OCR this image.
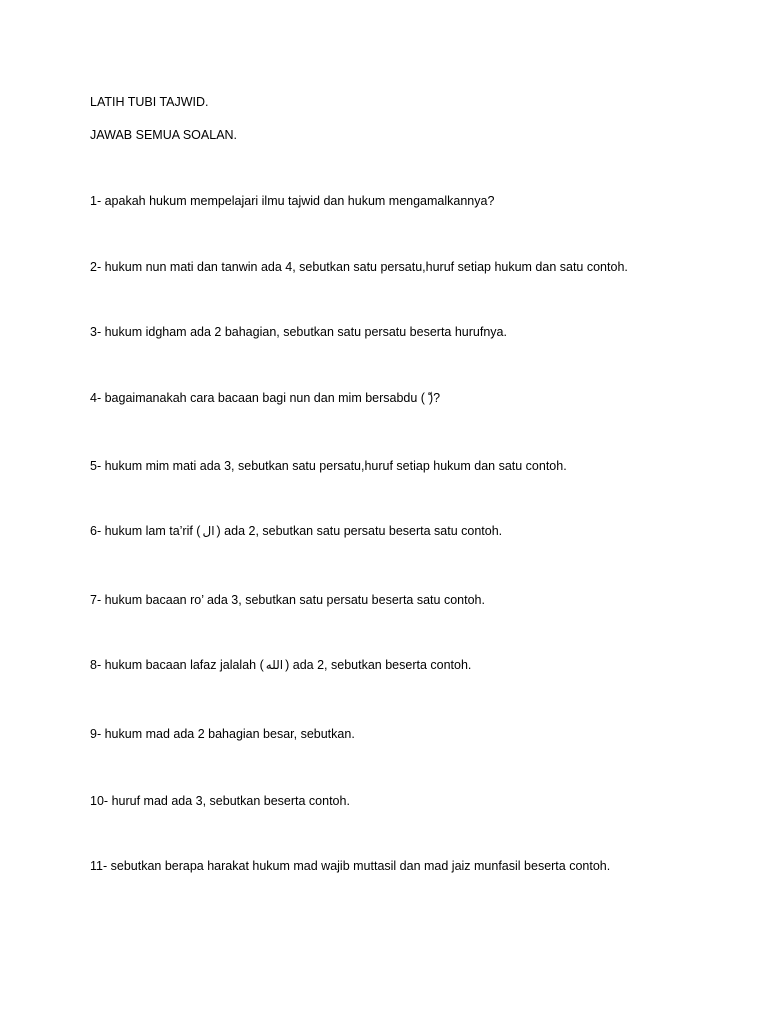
LATIH TUBI TAJWID.
JAWAB SEMUA SOALAN.
1- apakah hukum mempelajari ilmu tajwid dan hukum mengamalkannya?
2- hukum nun mati dan tanwin ada 4, sebutkan satu persatu,huruf setiap hukum dan satu contoh.
3- hukum idgham ada 2 bahagian, sebutkan satu persatu beserta hurufnya.
4- bagaimanakah cara bacaan bagi nun dan mim bersabdu ( )?
5- hukum mim mati ada 3, sebutkan satu persatu,huruf setiap hukum dan satu contoh.
6- hukum lam ta’rif ( ال ) ada 2, sebutkan satu persatu beserta satu contoh.
7- hukum bacaan ro’ ada 3, sebutkan satu persatu beserta satu contoh.
8- hukum bacaan lafaz jalalah ( الله ) ada 2, sebutkan beserta contoh.
9- hukum mad ada 2 bahagian besar, sebutkan.
10- huruf mad ada 3, sebutkan beserta contoh.
11- sebutkan berapa harakat hukum mad wajib muttasil dan mad jaiz munfasil beserta contoh.
